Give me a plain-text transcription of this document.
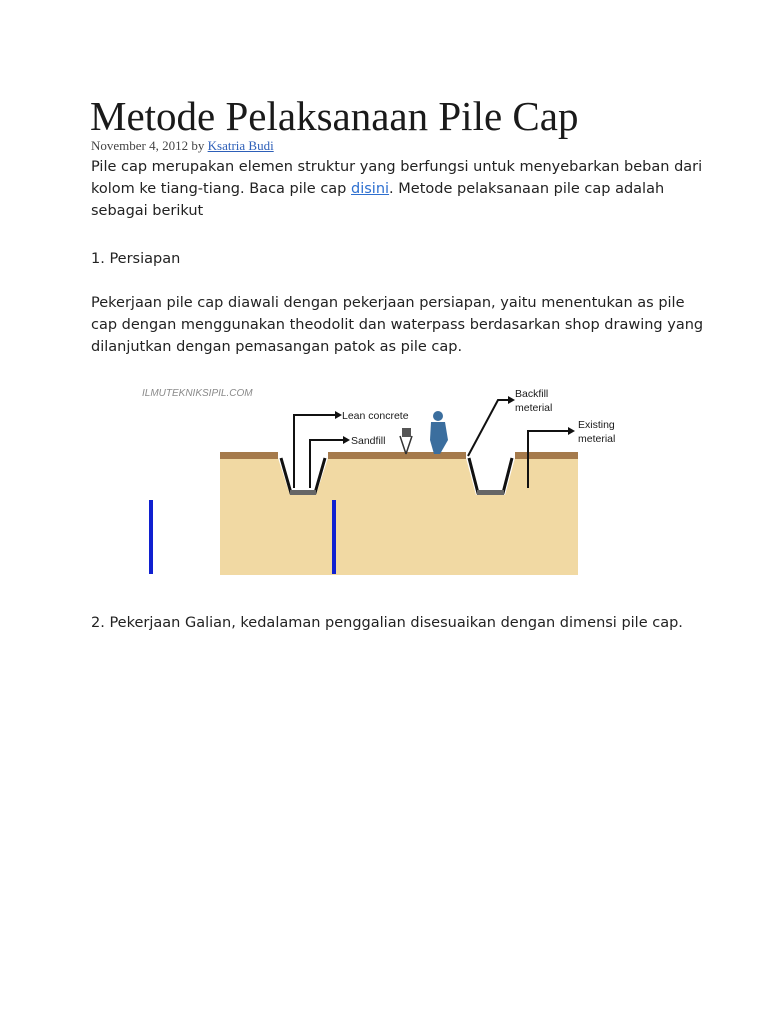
Metode Pelaksanaan Pile Cap
November 4, 2012 by Ksatria Budi

Pile cap merupakan elemen struktur yang berfungsi untuk menyebarkan beban dari kolom ke tiang-tiang. Baca pile cap disini. Metode pelaksanaan pile cap adalah sebagai berikut

1. Persiapan

Pekerjaan pile cap diawali dengan pekerjaan persiapan, yaitu menentukan as pile cap dengan menggunakan theodolit dan waterpass berdasarkan shop drawing yang dilanjutkan dengan pemasangan patok as pile cap.

ILMUTEKNIKSIPIL.COM
Lean concrete
Sandfill
Backfill
meterial
Existing
meterial

2. Pekerjaan Galian, kedalaman penggalian disesuaikan dengan dimensi pile cap.
